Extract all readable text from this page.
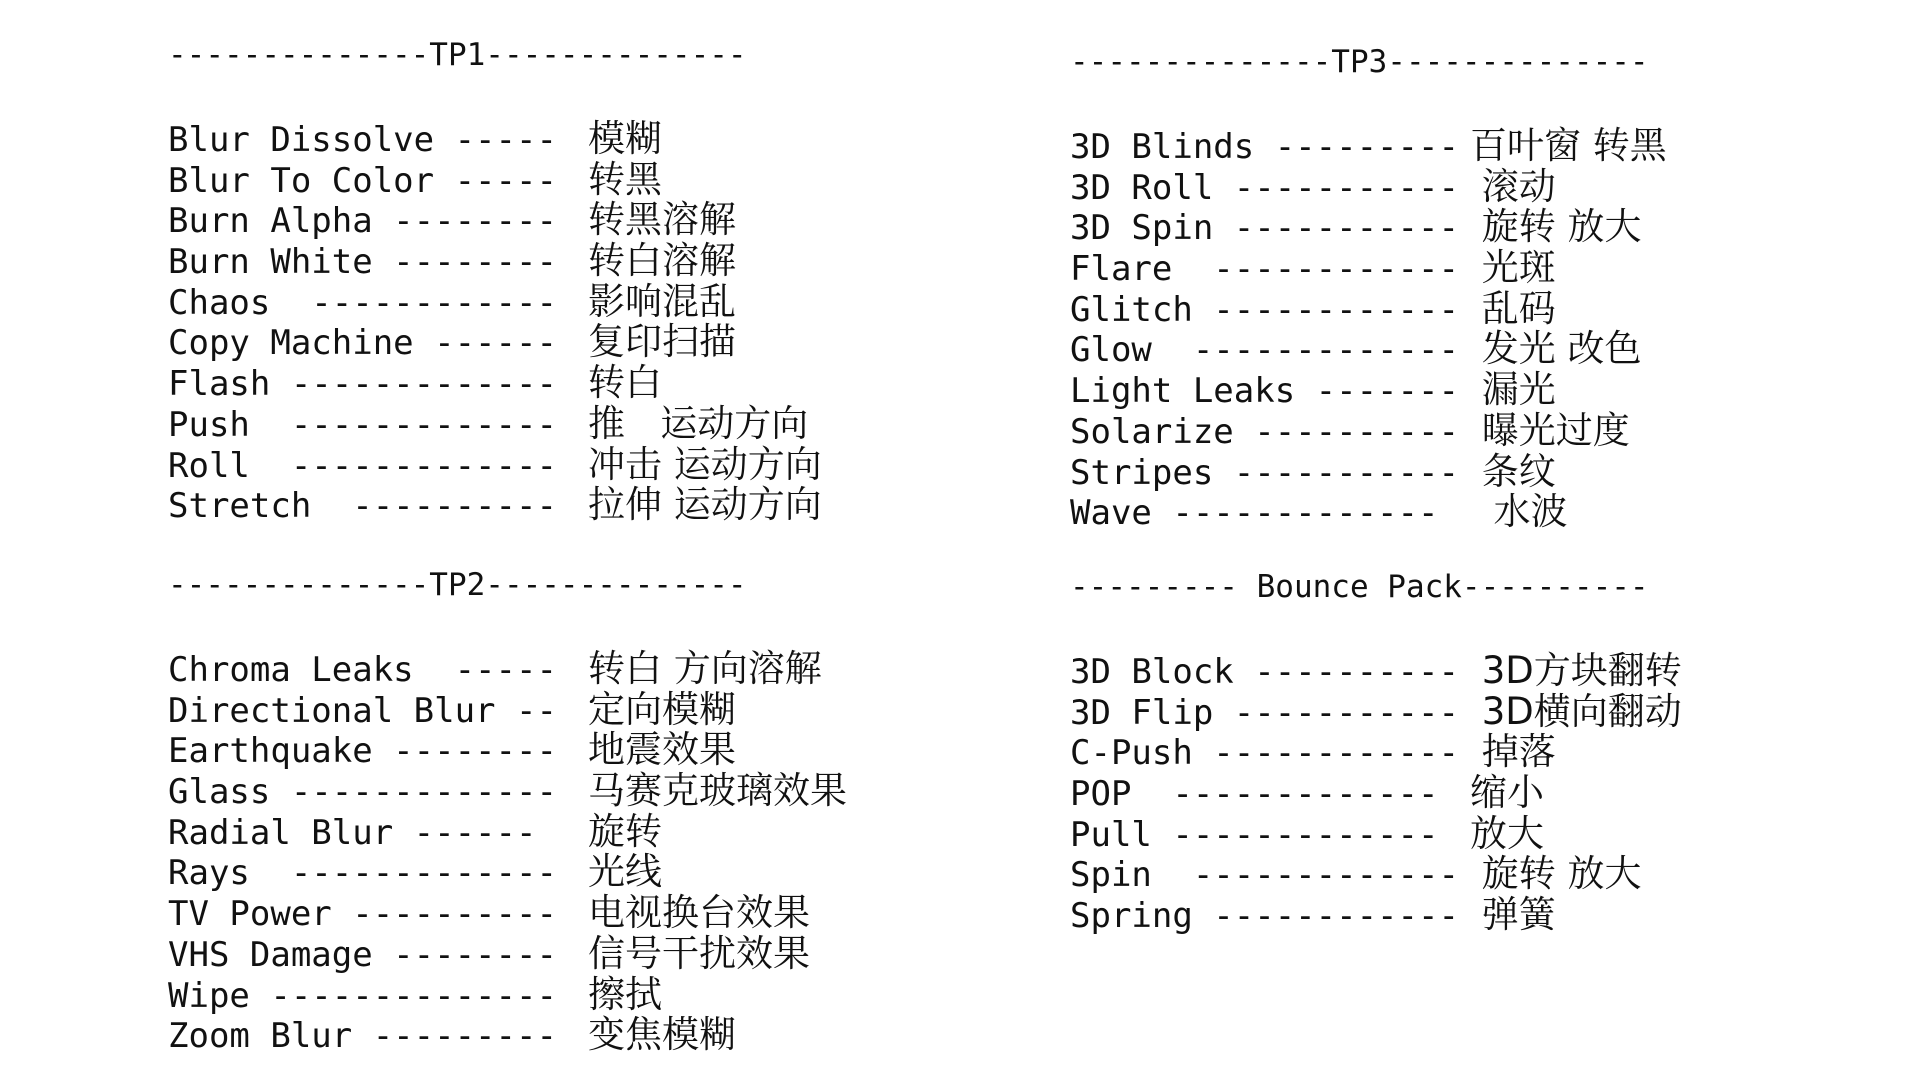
--------------TP1--------------
Blur Dissolve ----- 模糊
Blur To Color ----- 转黑
Burn Alpha -------- 转黑溶解
Burn White -------- 转白溶解
Chaos  ------------ 影响混乱
Copy Machine ------ 复印扫描
Flash ------------- 转白
Push  ------------- 推   运动方向
Roll  ------------- 冲击 运动方向
Stretch  ---------- 拉伸 运动方向
--------------TP2--------------
Chroma Leaks  ----- 转白 方向溶解
Directional Blur -- 定向模糊
Earthquake -------- 地震效果
Glass ------------- 马赛克玻璃效果
Radial Blur ------	旋转
Rays  ------------- 光线
TV Power ---------- 电视换台效果
VHS Damage -------- 信号干扰效果
Wipe -------------- 擦拭
Zoom Blur --------- 变焦模糊
--------------TP3--------------
3D Blinds --------- 百叶窗 转黑
3D Roll ----------- 滚动
3D Spin ----------- 旋转 放大
Flare  ------------ 光斑
Glitch ------------ 乱码
Glow  ------------- 发光 改色
Light Leaks ------- 漏光
Solarize ---------- 曝光过度
Stripes ----------- 条纹
Wave ------------- 水波
--------- Bounce Pack----------
3D Block ---------- 3D方块翻转
3D Flip ----------- 3D横向翻动
C-Push ------------ 掉落
POP  ------------- 缩小
Pull ------------- 放大
Spin  ------------- 旋转 放大
Spring ------------ 弹簧
